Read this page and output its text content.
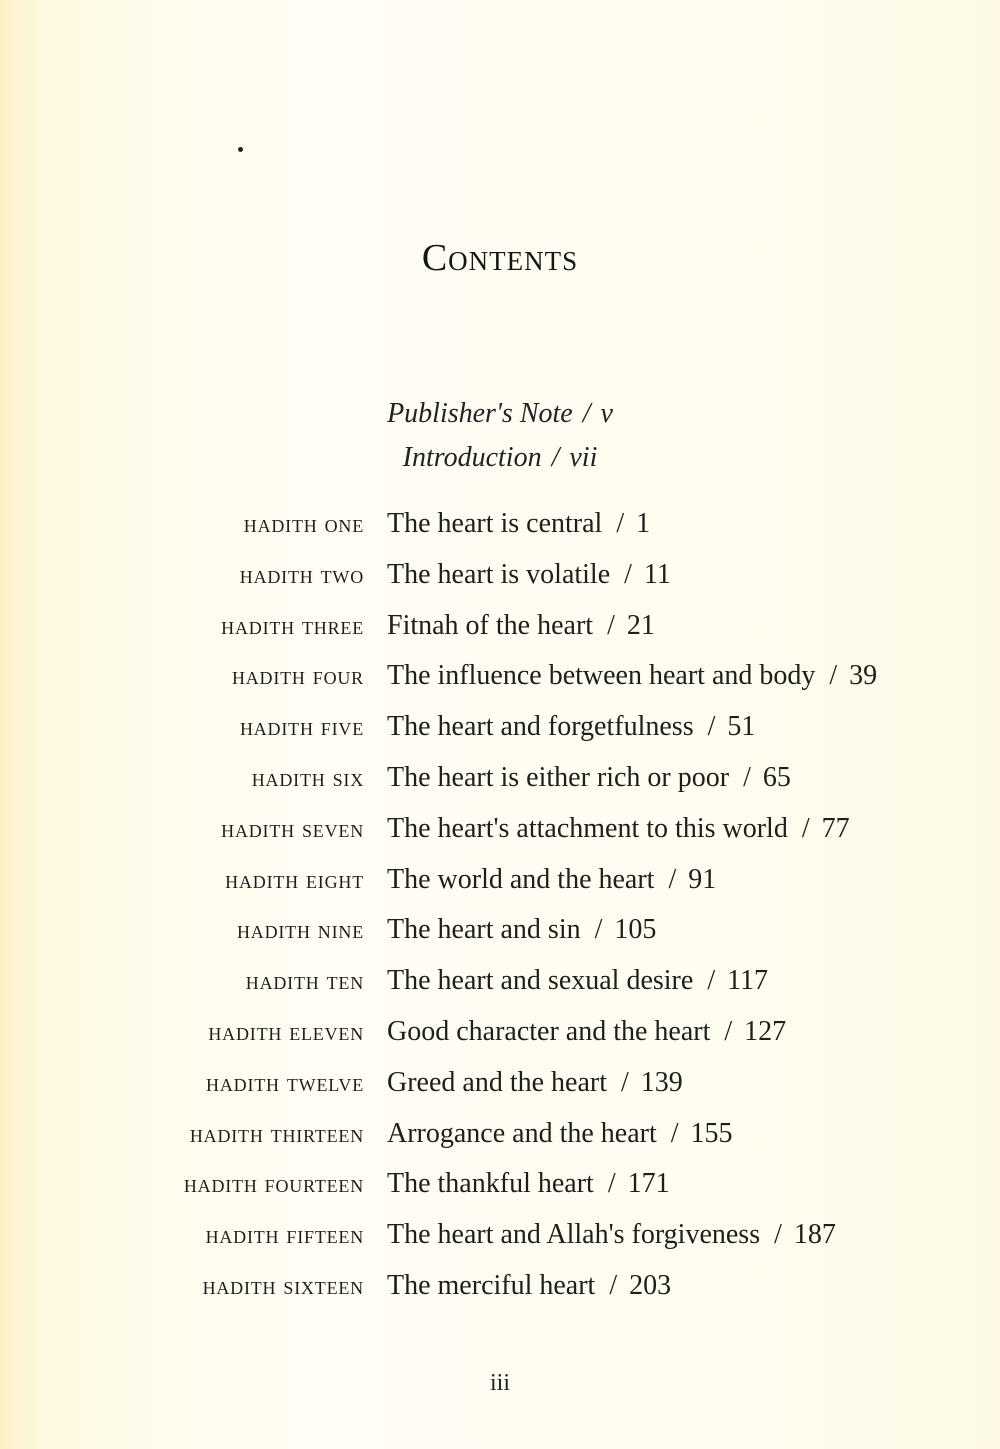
Contents
Publisher's Note / v
Introduction / vii
hadith one The heart is central / 1
hadith two The heart is volatile / 11
hadith three Fitnah of the heart / 21
hadith four The influence between heart and body / 39
hadith five The heart and forgetfulness / 51
hadith six The heart is either rich or poor / 65
hadith seven The heart's attachment to this world / 77
hadith eight The world and the heart / 91
hadith nine The heart and sin / 105
hadith ten The heart and sexual desire / 117
hadith eleven Good character and the heart / 127
hadith twelve Greed and the heart / 139
hadith thirteen Arrogance and the heart / 155
hadith fourteen The thankful heart / 171
hadith fifteen The heart and Allah's forgiveness / 187
hadith sixteen The merciful heart / 203
iii
